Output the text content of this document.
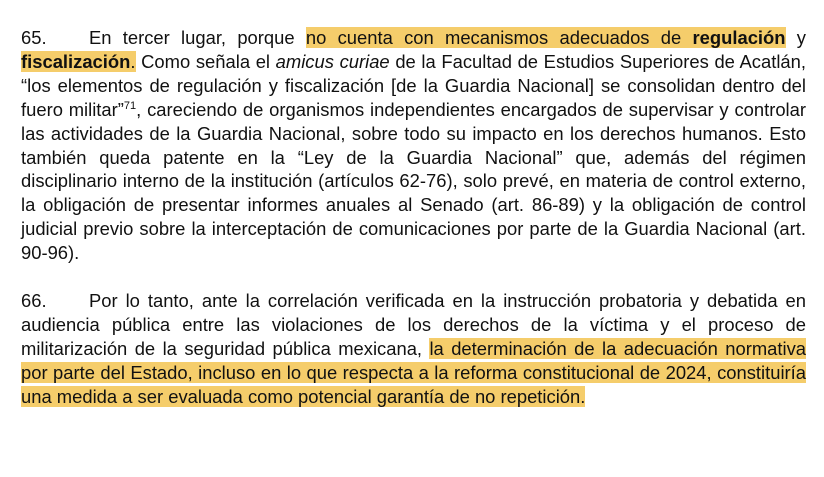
65. En tercer lugar, porque no cuenta con mecanismos adecuados de regulación y fiscalización. Como señala el amicus curiae de la Facultad de Estudios Superiores de Acatlán, “los elementos de regulación y fiscalización [de la Guardia Nacional] se consolidan dentro del fuero militar”$^{71}$, careciendo de organismos independientes encargados de supervisar y controlar las actividades de la Guardia Nacional, sobre todo su impacto en los derechos humanos. Esto también queda patente en la “Ley de la Guardia Nacional” que, además del régimen disciplinario interno de la institución (artículos 62-76), solo prevé, en materia de control externo, la obligación de presentar informes anuales al Senado (art. 86-89) y la obligación de control judicial previo sobre la interceptación de comunicaciones por parte de la Guardia Nacional (art. 90-96).

66. Por lo tanto, ante la correlación verificada en la instrucción probatoria y debatida en audiencia pública entre las violaciones de los derechos de la víctima y el proceso de militarización de la seguridad pública mexicana, la determinación de la adecuación normativa por parte del Estado, incluso en lo que respecta a la reforma constitucional de 2024, constituiría una medida a ser evaluada como potencial garantía de no repetición.
